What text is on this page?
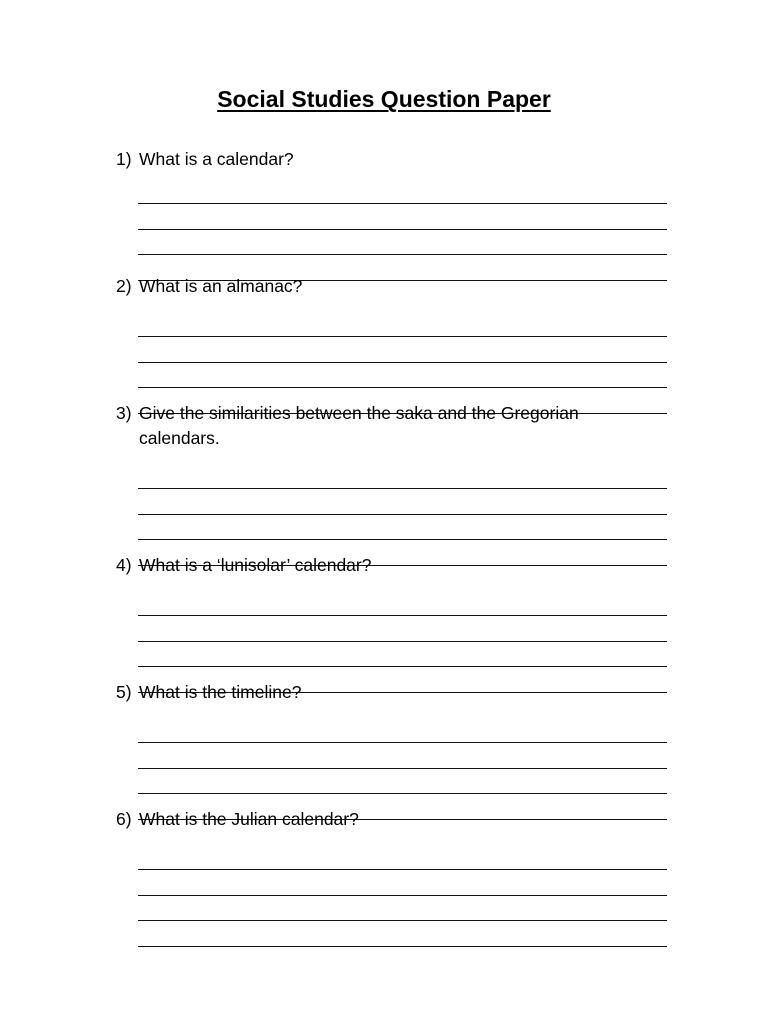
Social Studies Question Paper
1) What is a calendar?
2) What is an almanac?
3) Give the similarities between the saka and the Gregorian calendars.
4) What is a ‘lunisolar’ calendar?
5) What is the timeline?
6) What is the Julian calendar?
